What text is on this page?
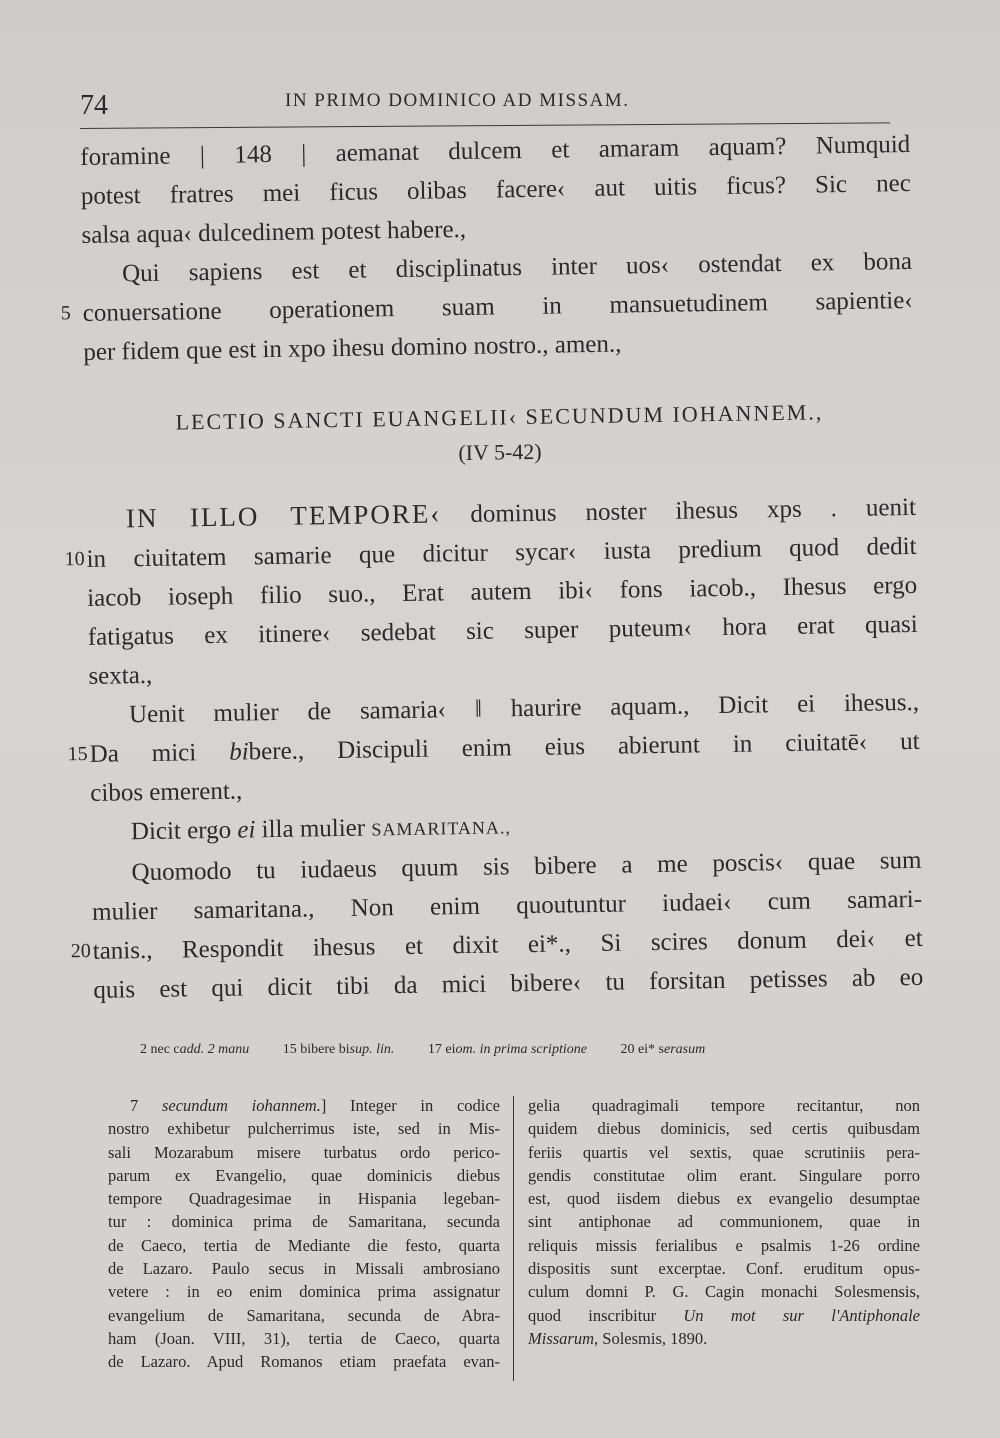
74	IN PRIMO DOMINICO AD MISSAM.
foramine | 148 | aemanat dulcem et amaram aquam? Numquid
potest fratres mei ficus olibas facere‹ aut uitis ficus? Sic nec
salsa aqua‹ dulcedinem potest habere.,
Qui sapiens est et disciplinatus inter uos‹ ostendat ex bona
5 conuersatione operationem suam in mansuetudinem sapientie‹
per fidem que est in xpo ihesu domino nostro., amen.,
LECTIO SANCTI EUANGELII‹ SECUNDUM IOHANNEM.,
(IV 5-42)
IN ILLO TEMPORE‹ dominus noster ihesus xps . uenit
10 in ciuitatem samarie que dicitur sycar‹ iusta predium quod dedit
iacob ioseph filio suo., Erat autem ibi‹ fons iacob., Ihesus ergo
fatigatus ex itinere‹ sedebat sic super puteum‹ hora erat quasi
sexta.,
Uenit mulier de samaria‹ ‖ haurire aquam., Dicit ei ihesus.,
15 Da mici bibere., Discipuli enim eius abierunt in ciuitatē‹ ut
cibos emerent.,
Dicit ergo ei illa mulier SAMARITANA.,
Quomodo tu iudaeus quum sis bibere a me poscis‹ quae sum
mulier samaritana., Non enim quoutuntur iudaei‹ cum samari-
20 tanis., Respondit ihesus et dixit ei*., Si scires donum dei‹ et
quis est qui dicit tibi da mici bibere‹ tu forsitan petisses ab eo
2 nec cadd. 2 manu 15 bibere bisup. lin. 17 eiom. in prima scriptione 20 ei* serasum
7 secundum iohannem.] Integer in codice
nostro exhibetur pulcherrimus iste, sed in Mis-
sali Mozarabum misere turbatus ordo perico-
parum ex Evangelio, quae dominicis diebus
tempore Quadragesimae in Hispania legeban-
tur : dominica prima de Samaritana, secunda
de Caeco, tertia de Mediante die festo, quarta
de Lazaro. Paulo secus in Missali ambrosiano
vetere : in eo enim dominica prima assignatur
evangelium de Samaritana, secunda de Abra-
ham (Joan. VIII, 31), tertia de Caeco, quarta
de Lazaro. Apud Romanos etiam praefata evan-
gelia quadragimali tempore recitantur, non
quidem diebus dominicis, sed certis quibusdam
feriis quartis vel sextis, quae scrutiniis pera-
gendis constitutae olim erant. Singulare porro
est, quod iisdem diebus ex evangelio desumptae
sint antiphonae ad communionem, quae in
reliquis missis ferialibus e psalmis 1-26 ordine
dispositis sunt excerptae. Conf. eruditum opus-
culum domni P. G. Cagin monachi Solesmensis,
quod inscribitur Un mot sur l'Antiphonale
Missarum, Solesmis, 1890.
